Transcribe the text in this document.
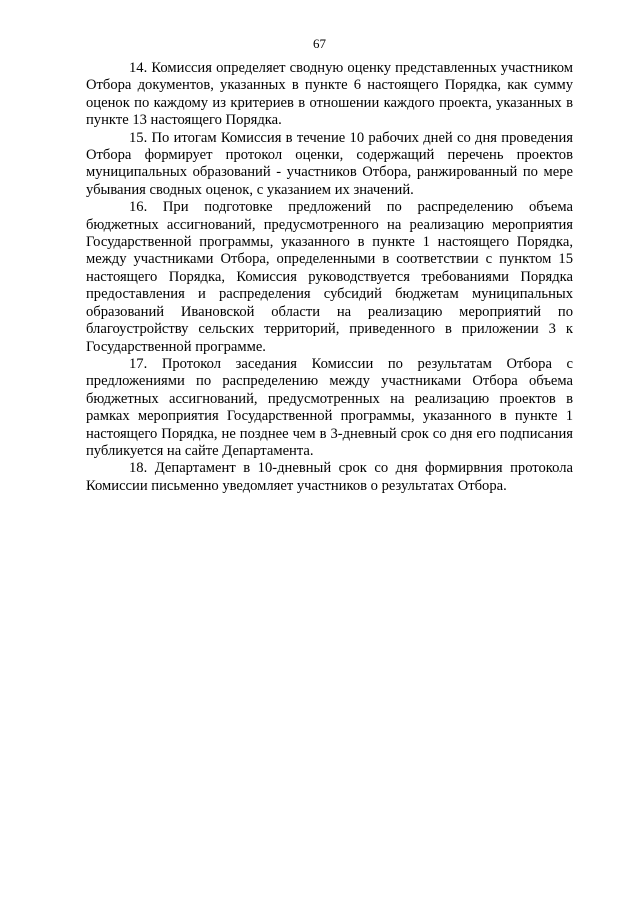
67

14. Комиссия определяет сводную оценку представленных участником Отбора документов, указанных в пункте 6 настоящего Порядка, как сумму оценок по каждому из критериев в отношении каждого проекта, указанных в пункте 13 настоящего Порядка.

15. По итогам Комиссия в течение 10 рабочих дней со дня проведения Отбора формирует протокол оценки, содержащий перечень проектов муниципальных образований - участников Отбора, ранжированный по мере убывания сводных оценок, с указанием их значений.

16. При подготовке предложений по распределению объема бюджетных ассигнований, предусмотренного на реализацию мероприятия Государственной программы, указанного в пункте 1 настоящего Порядка, между участниками Отбора, определенными в соответствии с пунктом 15 настоящего Порядка, Комиссия руководствуется требованиями Порядка предоставления и распределения субсидий бюджетам муниципальных образований Ивановской области на реализацию мероприятий по благоустройству сельских территорий, приведенного в приложении 3 к Государственной программе.

17. Протокол заседания Комиссии по результатам Отбора с предложениями по распределению между участниками Отбора объема бюджетных ассигнований, предусмотренных на реализацию проектов в рамках мероприятия Государственной программы, указанного в пункте 1 настоящего Порядка, не позднее чем в 3-дневный срок со дня его подписания публикуется на сайте Департамента.

18. Департамент в 10-дневный срок со дня формирвния протокола Комиссии письменно уведомляет участников о результатах Отбора.
